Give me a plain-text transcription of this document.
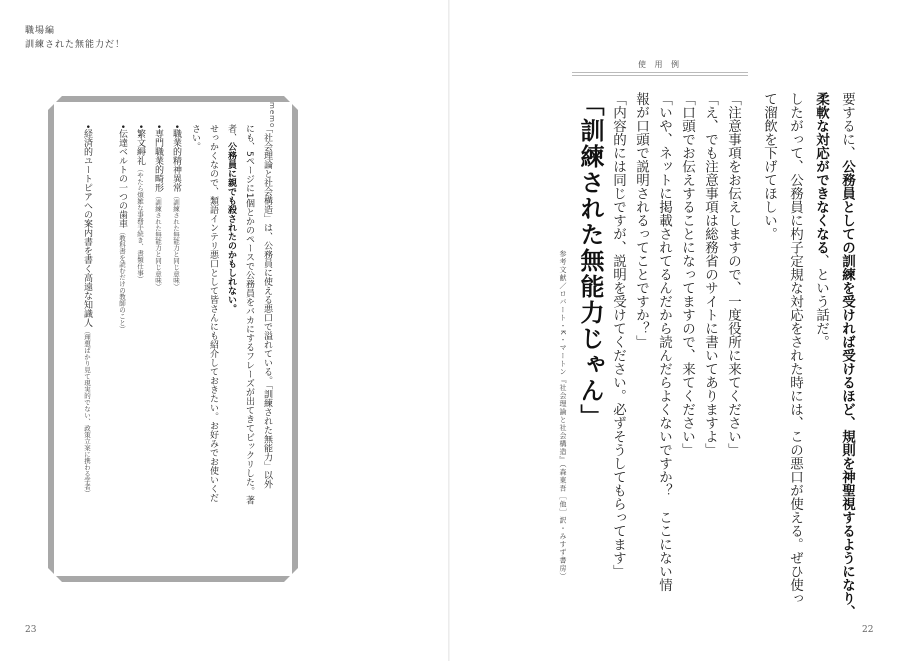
職場編
訓練された無能力だ！
memo
「社会理論と社会構造」は、公務員に使える悪口で溢れている。「訓練された無能力」以外
にも、5ページに1個とかのペースで公務員をバカにするフレーズが出てきてビックリした。著
者、公務員に親でも殺されたのかもしれない。
せっかくなので、類語インテリ悪口として皆さんにも紹介しておきたい。お好みでお使いくだ
さい。
•職業的精神異常（訓練された無能力と同じ意味）
•専門職業的畸形（訓練された無能力と同じ意味）
•繁文縟礼（やたら煩雑な事務手続き、書類仕事）
•伝達ベルトの一つの歯車（教科書を読むだけの教師のこと）
•経済的ユートピアへの案内書を書く高遠な知識人（理想ばかり見て現実的でない、政策立案に携わる学者）
23
使 用 例
「訓練された無能力じゃん」
参考文献／ロバート・K・マートン『社会理論と社会構造』（森東吾［他］訳・みすず書房）	「注意事項をお伝えしますので、一度役所に来てください」
「え、でも注意事項は総務省のサイトに書いてありますよ」
「口頭でお伝えすることになってますので、来てください」
「いや、ネットに掲載されてるんだから読んだらよくないですか？　ここにない情
報が口頭で説明されるってことですか？」
「内容的には同じですが、説明を受けてください。必ずそうしてもらってます」	要するに、公務員としての訓練を受ければ受けるほど、規則を神聖視するようになり、
柔軟な対応ができなくなる、という話だ。
したがって、公務員に杓子定規な対応をされた時には、この悪口が使える。ぜひ使っ
て溜飲を下げてほしい。
22
